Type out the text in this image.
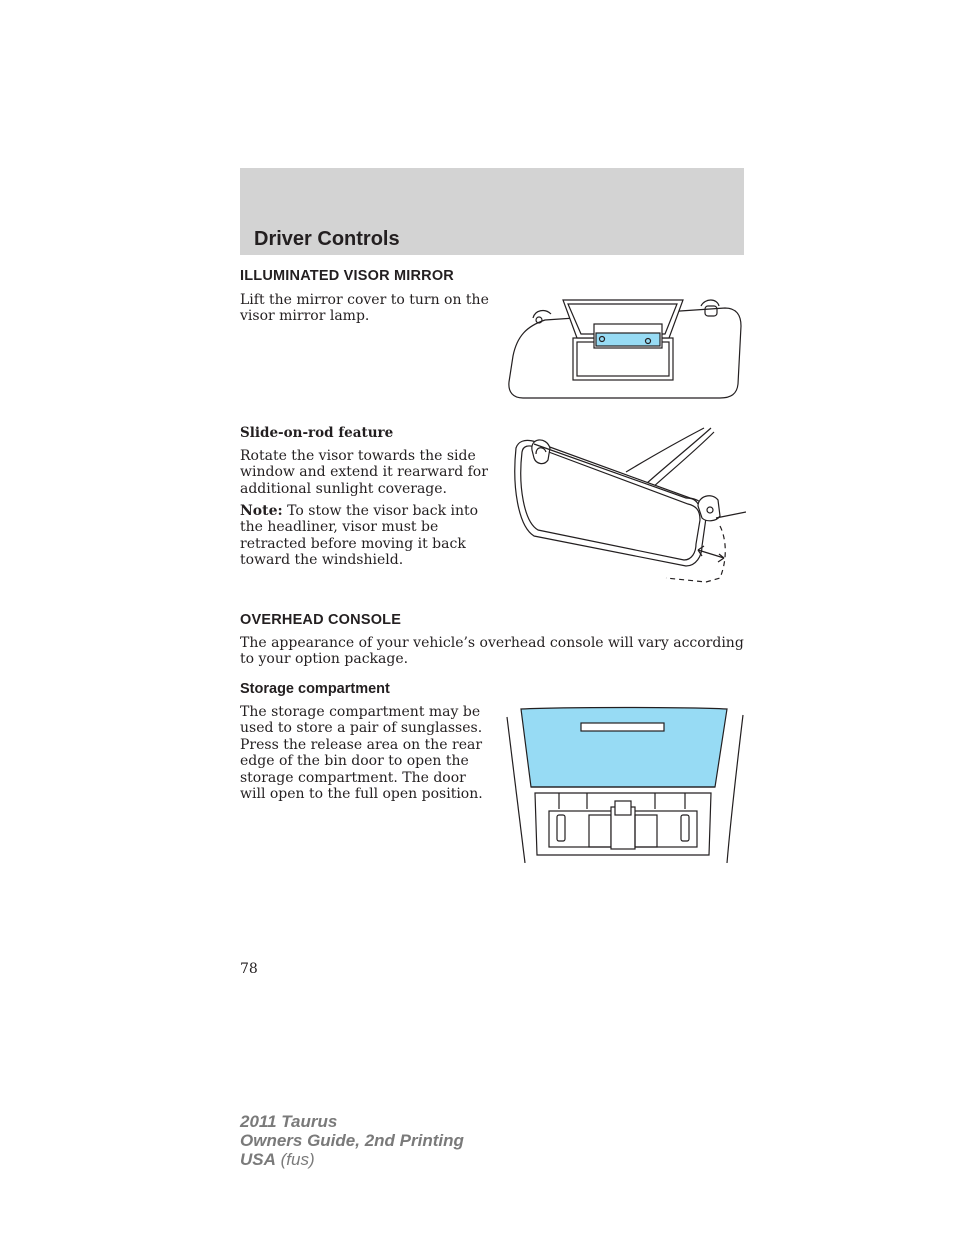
Driver Controls
ILLUMINATED VISOR MIRROR

Lift the mirror cover to turn on the visor mirror lamp.

Slide-on-rod feature

Rotate the visor towards the side window and extend it rearward for additional sunlight coverage.

Note: To stow the visor back into the headliner, visor must be retracted before moving it back toward the windshield.

OVERHEAD CONSOLE

The appearance of your vehicle’s overhead console will vary according to your option package.

Storage compartment

The storage compartment may be used to store a pair of sunglasses. Press the release area on the rear edge of the bin door to open the storage compartment. The door will open to the full open position.

78
2011 Taurus
Owners Guide, 2nd Printing
USA (fus)
